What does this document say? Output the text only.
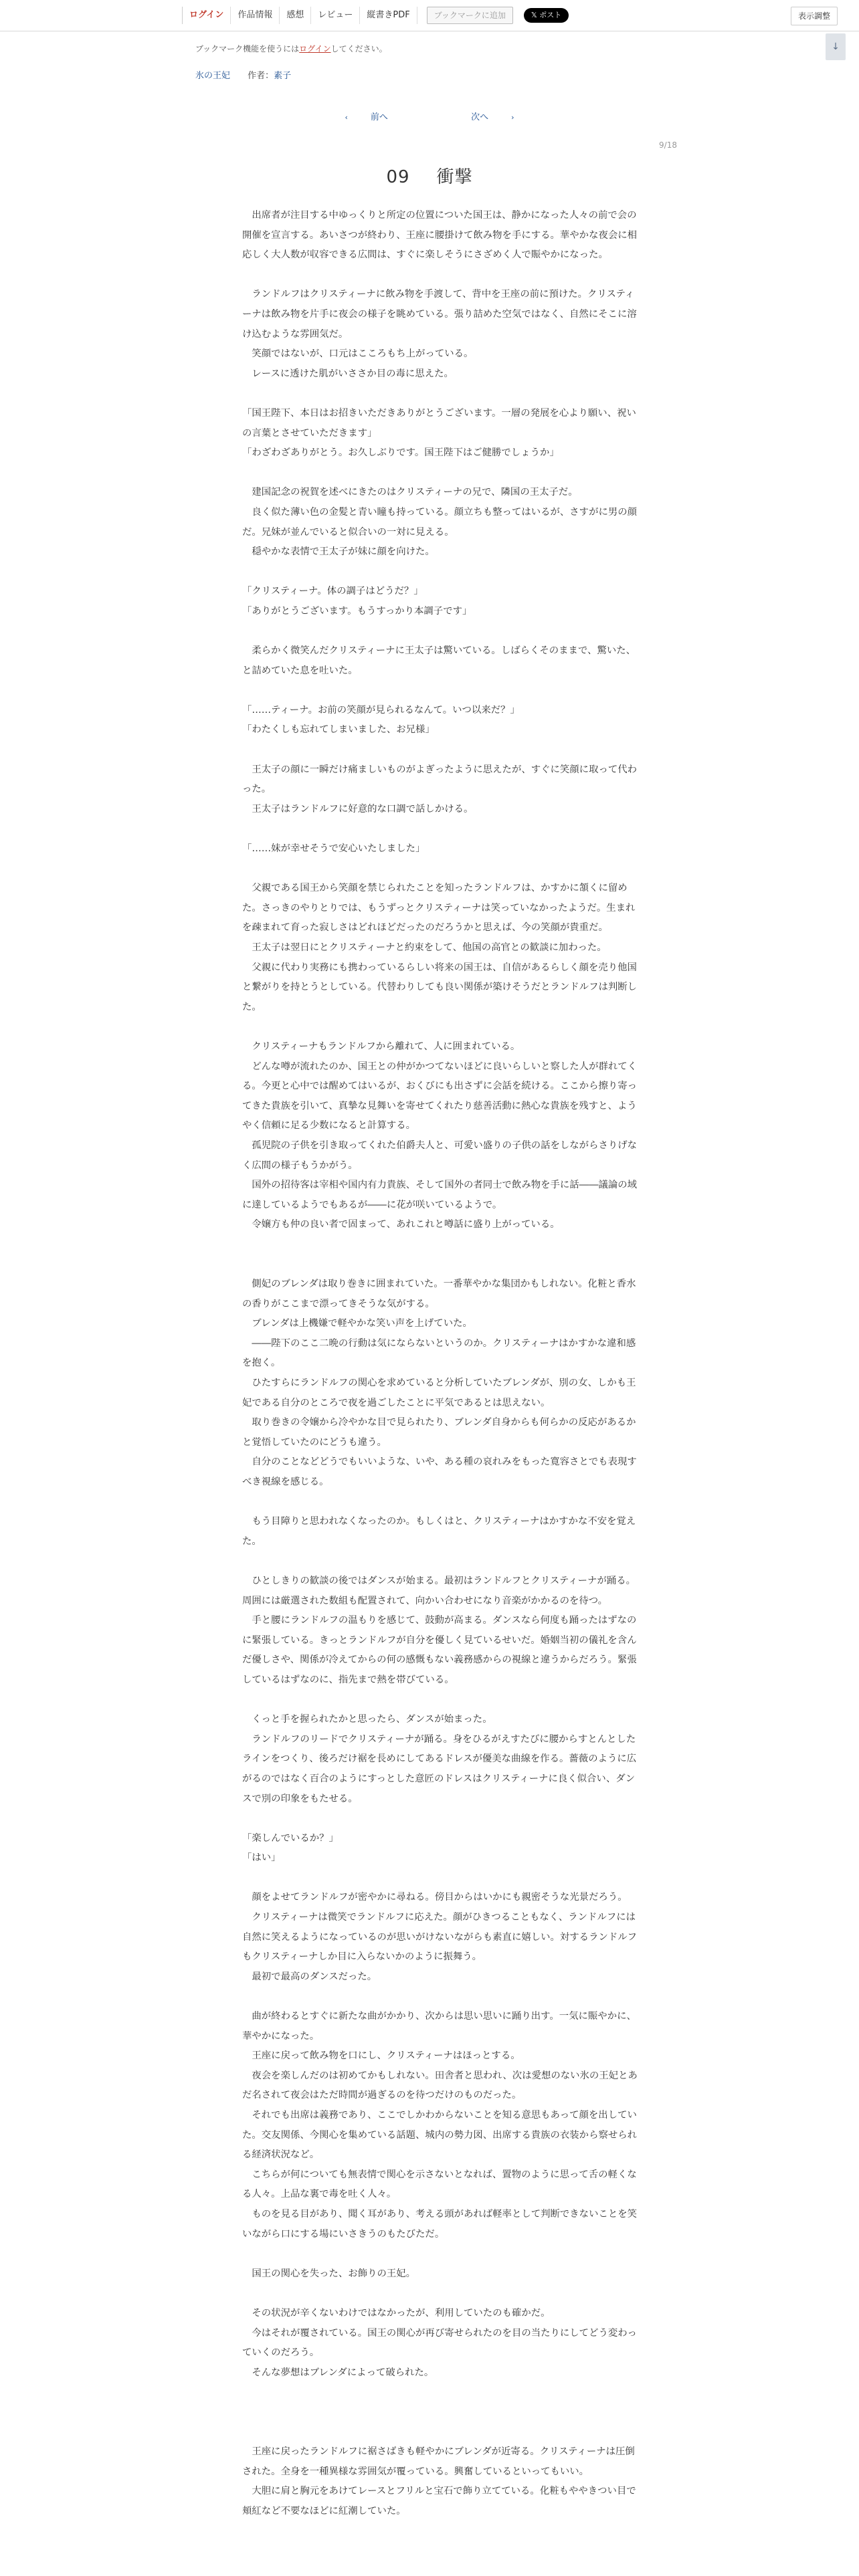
ログイン	作品情報	感想	レビュー	縦書きPDF	ブックマークに追加	𝕏 ポスト	表示調整
ブックマーク機能を使うにはログインしてください。	↓
氷の王妃 作者：素子
‹	前へ	次へ	›
9/18
09 衝撃

　出席者が注目する中ゆっくりと所定の位置についた国王は、静かになった人々の前で会の開催を宣言する。あいさつが終わり、王座に腰掛けて飲み物を手にする。華やかな夜会に相応しく大人数が収容できる広間は、すぐに楽しそうにさざめく人で賑やかになった。

　ランドルフはクリスティーナに飲み物を手渡して、背中を王座の前に預けた。クリスティーナは飲み物を片手に夜会の様子を眺めている。張り詰めた空気ではなく、自然にそこに溶け込むような雰囲気だ。

　笑顔ではないが、口元はこころもち上がっている。

　レースに透けた肌がいささか目の毒に思えた。

「国王陛下、本日はお招きいただきありがとうございます。一層の発展を心より願い、祝いの言葉とさせていただきます」

「わざわざありがとう。お久しぶりです。国王陛下はご健勝でしょうか」

　建国記念の祝賀を述べにきたのはクリスティーナの兄で、隣国の王太子だ。

　良く似た薄い色の金髪と青い瞳も持っている。顔立ちも整ってはいるが、さすがに男の顔だ。兄妹が並んでいると似合いの一対に見える。

　穏やかな表情で王太子が妹に顔を向けた。

「クリスティーナ。体の調子はどうだ？」

「ありがとうございます。もうすっかり本調子です」

　柔らかく微笑んだクリスティーナに王太子は驚いている。しばらくそのままで、驚いた、と詰めていた息を吐いた。

「……ティーナ。お前の笑顔が見られるなんて。いつ以来だ？」

「わたくしも忘れてしまいました、お兄様」

　王太子の顔に一瞬だけ痛ましいものがよぎったように思えたが、すぐに笑顔に取って代わった。

　王太子はランドルフに好意的な口調で話しかける。

「……妹が幸せそうで安心いたしました」

　父親である国王から笑顔を禁じられたことを知ったランドルフは、かすかに頷くに留めた。さっきのやりとりでは、もうずっとクリスティーナは笑っていなかったようだ。生まれを疎まれて育った寂しさはどれほどだったのだろうかと思えば、今の笑顔が貴重だ。

　王太子は翌日にとクリスティーナと約束をして、他国の高官との歓談に加わった。

　父親に代わり実務にも携わっているらしい将来の国王は、自信があるらしく顔を売り他国と繋がりを持とうとしている。代替わりしても良い関係が築けそうだとランドルフは判断した。

　クリスティーナもランドルフから離れて、人に囲まれている。

　どんな噂が流れたのか、国王との仲がかつてないほどに良いらしいと察した人が群れてくる。今更と心中では醒めてはいるが、おくびにも出さずに会話を続ける。ここから擦り寄ってきた貴族を引いて、真摯な見舞いを寄せてくれたり慈善活動に熱心な貴族を残すと、ようやく信頼に足る少数になると計算する。

　孤児院の子供を引き取ってくれた伯爵夫人と、可愛い盛りの子供の話をしながらさりげなく広間の様子もうかがう。

　国外の招待客は宰相や国内有力貴族、そして国外の者同士で飲み物を手に話――議論の域に達しているようでもあるが――に花が咲いているようで。

　令嬢方も仲の良い者で固まって、あれこれと噂話に盛り上がっている。

　側妃のブレンダは取り巻きに囲まれていた。一番華やかな集団かもしれない。化粧と香水の香りがここまで漂ってきそうな気がする。

　ブレンダは上機嫌で軽やかな笑い声を上げていた。

　――陛下のここ二晩の行動は気にならないというのか。クリスティーナはかすかな違和感を抱く。

　ひたすらにランドルフの関心を求めていると分析していたブレンダが、別の女、しかも王妃である自分のところで夜を過ごしたことに平気であるとは思えない。

　取り巻きの令嬢から冷やかな目で見られたり、ブレンダ自身からも何らかの反応があるかと覚悟していたのにどうも違う。

　自分のことなどどうでもいいような、いや、ある種の哀れみをもった寛容さとでも表現すべき視線を感じる。

　もう目障りと思われなくなったのか。もしくはと、クリスティーナはかすかな不安を覚えた。

　ひとしきりの歓談の後ではダンスが始まる。最初はランドルフとクリスティーナが踊る。周囲には厳選された数組も配置されて、向かい合わせになり音楽がかかるのを待つ。

　手と腰にランドルフの温もりを感じて、鼓動が高まる。ダンスなら何度も踊ったはずなのに緊張している。きっとランドルフが自分を優しく見ているせいだ。婚姻当初の儀礼を含んだ優しさや、関係が冷えてからの何の感慨もない義務感からの視線と違うからだろう。緊張しているはずなのに、指先まで熱を帯びている。

　くっと手を握られたかと思ったら、ダンスが始まった。

　ランドルフのリードでクリスティーナが踊る。身をひるがえすたびに腰からすとんとしたラインをつくり、後ろだけ裾を長めにしてあるドレスが優美な曲線を作る。薔薇のように広がるのではなく百合のようにすっとした意匠のドレスはクリスティーナに良く似合い、ダンスで別の印象をもたせる。

「楽しんでいるか？」

「はい」

　顔をよせてランドルフが密やかに尋ねる。傍目からはいかにも親密そうな光景だろう。

　クリスティーナは微笑でランドルフに応えた。顔がひきつることもなく、ランドルフには自然に笑えるようになっているのが思いがけないながらも素直に嬉しい。対するランドルフもクリスティーナしか目に入らないかのように振舞う。

　最初で最高のダンスだった。

　曲が終わるとすぐに新たな曲がかかり、次からは思い思いに踊り出す。一気に賑やかに、華やかになった。

　王座に戻って飲み物を口にし、クリスティーナはほっとする。

　夜会を楽しんだのは初めてかもしれない。田舎者と思われ、次は愛想のない氷の王妃とあだ名されて夜会はただ時間が過ぎるのを待つだけのものだった。

　それでも出席は義務であり、ここでしかわからないことを知る意思もあって顔を出していた。交友関係、今関心を集めている話題、城内の勢力図、出席する貴族の衣装から察せられる経済状況など。

　こちらが何についても無表情で関心を示さないとなれば、置物のように思って舌の軽くなる人々。上品な裏で毒を吐く人々。

　ものを見る目があり、聞く耳があり、考える頭があれば軽率として判断できないことを笑いながら口にする場にいさきうのもたびただ。

　国王の関心を失った、お飾りの王妃。

　その状況が辛くないわけではなかったが、利用していたのも確かだ。

　今はそれが覆されている。国王の関心が再び寄せられたのを目の当たりにしてどう変わっていくのだろう。

　そんな夢想はブレンダによって破られた。

　王座に戻ったランドルフに裾さばきも軽やかにブレンダが近寄る。クリスティーナは圧倒された。全身を一種異様な雰囲気が覆っている。興奮しているといってもいい。

　大胆に肩と胸元をあけてレースとフリルと宝石で飾り立てている。化粧もややきつい目で頬紅など不要なほどに紅潮していた。
